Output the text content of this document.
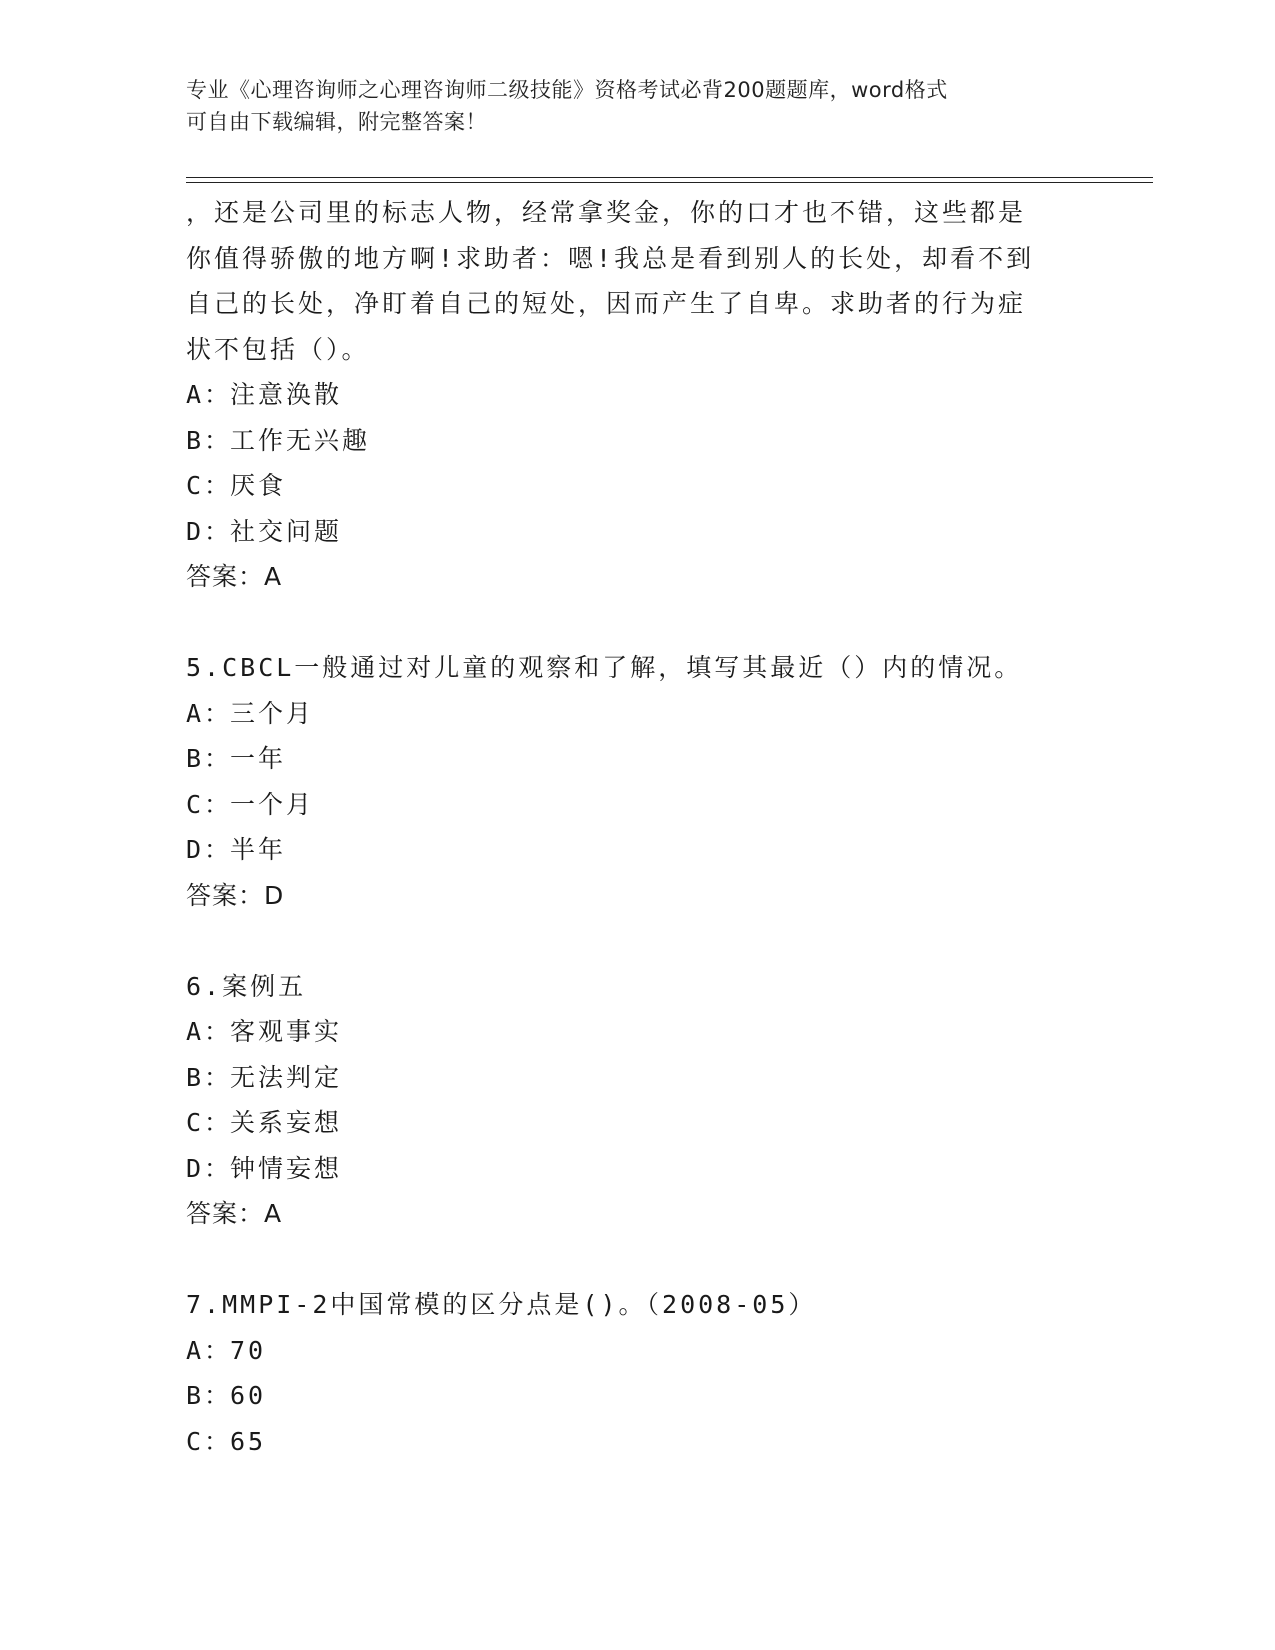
专业《心理咨询师之心理咨询师二级技能》资格考试必背200题题库，word格式
可自由下载编辑，附完整答案！
，还是公司里的标志人物，经常拿奖金，你的口才也不错，这些都是
你值得骄傲的地方啊!求助者：嗯!我总是看到别人的长处，却看不到
自己的长处，净盯着自己的短处，因而产生了自卑。求助者的行为症
状不包括（）。
A：注意涣散
B：工作无兴趣
C：厌食
D：社交问题
答案：A
5.CBCL一般通过对儿童的观察和了解，填写其最近（）内的情况。
A：三个月
B：一年
C：一个月
D：半年
答案：D
6.案例五
A：客观事实
B：无法判定
C：关系妄想
D：钟情妄想
答案：A
7.MMPI-2中国常模的区分点是()。（2008-05）
A：70
B：60
C：65
